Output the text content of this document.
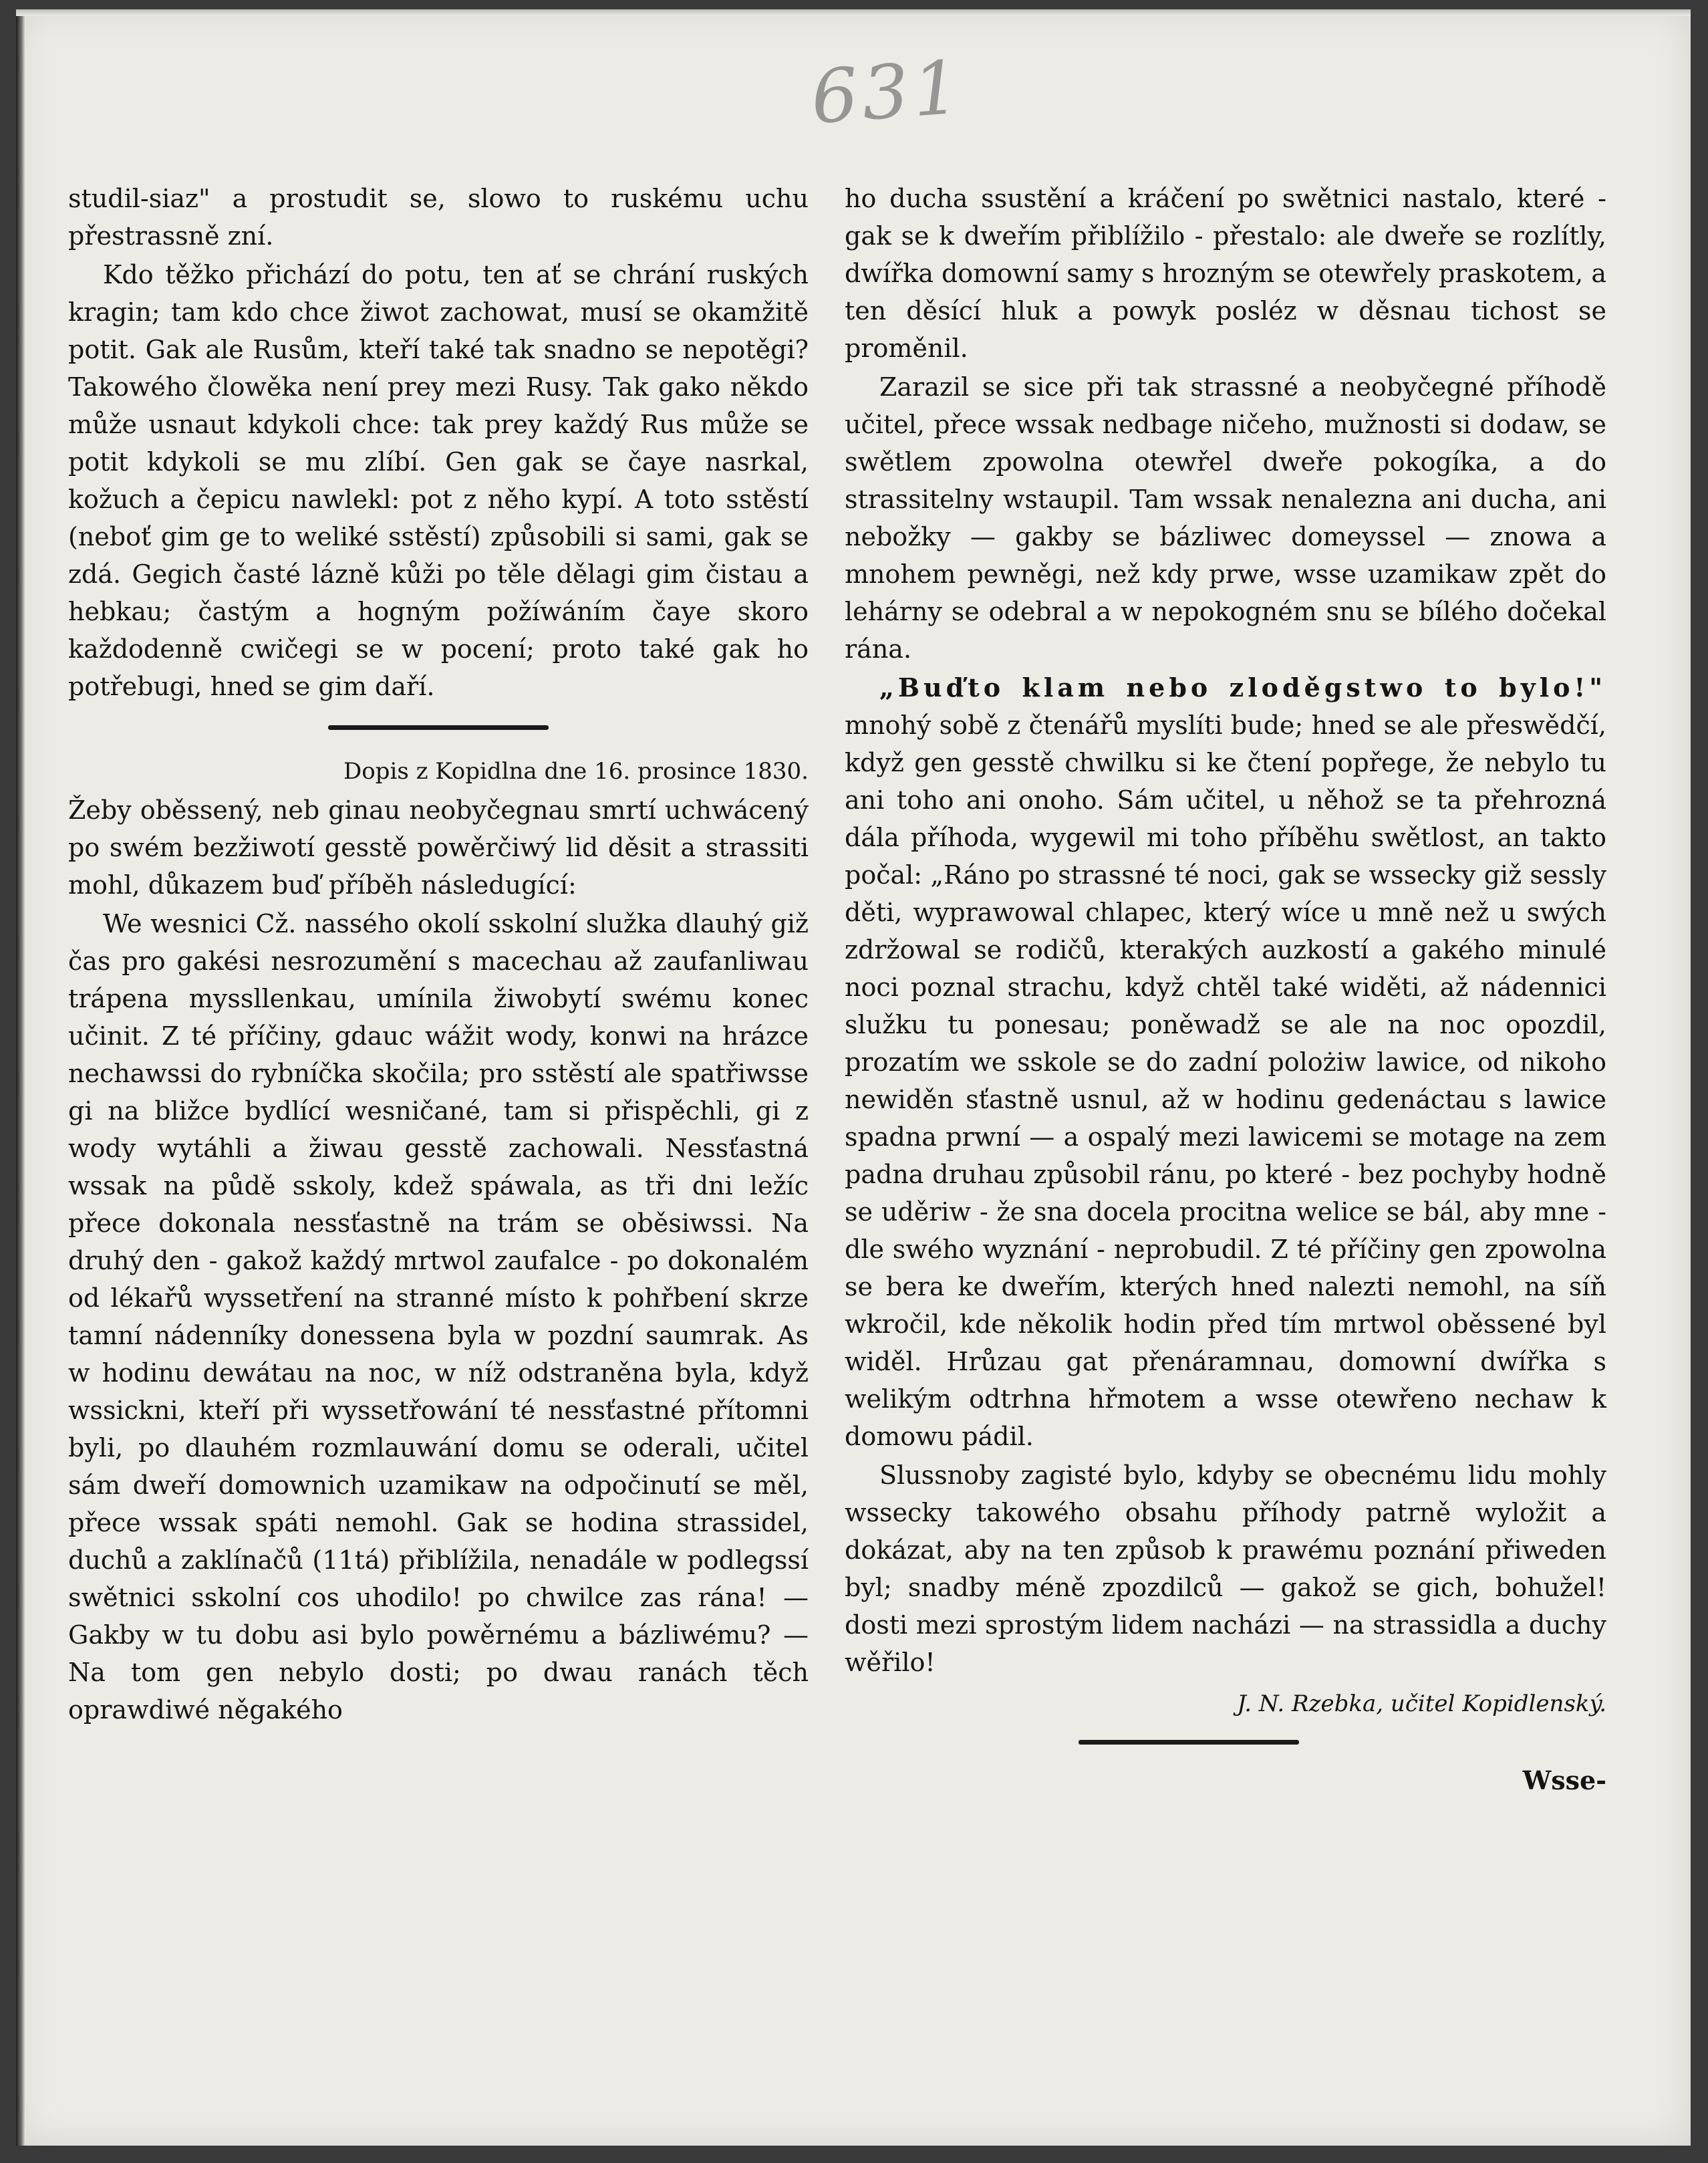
631

studil-siaz" a prostudit se, slowo to ruskému uchu přestrassně zní.

Kdo těžko přichází do potu, ten ať se chrání ruských kragin; tam kdo chce žiwot zachowat, musí se okamžitě potit. Gak ale Rusům, kteří také tak snadno se nepotěgi? Takowého člowěka není prey mezi Rusy. Tak gako někdo může usnaut kdykoli chce: tak prey každý Rus může se potit kdykoli se mu zlíbí. Gen gak se čaye nasrkal, kožuch a čepicu nawlekl: pot z něho kypí. A toto sstěstí (neboť gim ge to weliké sstěstí) způsobili si sami, gak se zdá. Gegich časté lázně kůži po těle dělagi gim čistau a hebkau; častým a hogným požíwáním čaye skoro každodenně cwičegi se w pocení; proto také gak ho potřebugi, hned se gim daří.

Dopis z Kopidlna dne 16. prosince 1830.

Žeby oběssený, neb ginau neobyčegnau smrtí uchwácený po swém bezžiwotí gesstě powěrčiwý lid děsit a strassiti mohl, důkazem buď příběh následugící:

We wesnici Cž. nassého okolí sskolní služka dlauhý giž čas pro gakési nesrozumění s macechau až zaufanliwau trápena myssllenkau, umínila žiwobytí swému konec učinit. Z té příčiny, gdauc wážit wody, konwi na hrázce nechawssi do rybníčka skočila; pro sstěstí ale spatřiwsse gi na bližce bydlící wesničané, tam si přispěchli, gi z wody wytáhli a žiwau gesstě zachowali. Nessťastná wssak na půdě sskoly, kdež spáwala, as tři dni ležíc přece dokonala nessťastně na trám se oběsiwssi. Na druhý den - gakož každý mrtwol zaufalce - po dokonalém od lékařů wyssetření na stranné místo k pohřbení skrze tamní nádenníky donessena byla w pozdní saumrak. As w hodinu dewátau na noc, w níž odstraněna byla, když wssickni, kteří při wyssetřowání té nessťastné přítomni byli, po dlauhém rozmlauwání domu se oderali, učitel sám dweří domownich uzamikaw na odpočinutí se měl, přece wssak spáti nemohl. Gak se hodina strassidel, duchů a zaklínačů (11tá) přiblížila, nenadále w podlegssí swětnici sskolní cos uhodilo! po chwilce zas rána! — Gakby w tu dobu asi bylo powěrnému a bázliwému? — Na tom gen nebylo dosti; po dwau ranách těch oprawdiwé něgakého

ho ducha ssustění a kráčení po swětnici nastalo, které - gak se k dweřím přiblížilo - přestalo: ale dweře se rozlítly, dwířka domowní samy s hrozným se otewřely praskotem, a ten děsící hluk a powyk posléz w děsnau tichost se proměnil.

Zarazil se sice při tak strassné a neobyčegné příhodě učitel, přece wssak nedbage ničeho, mužnosti si dodaw, se swětlem zpowolna otewřel dweře pokogíka, a do strassitelny wstaupil. Tam wssak nenalezna ani ducha, ani nebožky — gakby se bázliwec domeyssel — znowa a mnohem pewněgi, než kdy prwe, wsse uzamikaw zpět do lehárny se odebral a w nepokogném snu se bílého dočekal rána.

„Buďto klam nebo zloděgstwo to bylo!" mnohý sobě z čtenářů myslíti bude; hned se ale přeswědčí, když gen gesstě chwilku si ke čtení popřege, že nebylo tu ani toho ani onoho. Sám učitel, u něhož se ta přehrozná dála příhoda, wygewil mi toho příběhu swětlost, an takto počal: „Ráno po strassné té noci, gak se wssecky giž sessly děti, wyprawowal chlapec, který wíce u mně než u swých zdržowal se rodičů, kterakých auzkostí a gakého minulé noci poznal strachu, když chtěl také widěti, až nádennici služku tu ponesau; poněwadž se ale na noc opozdil, prozatím we sskole se do zadní polożiw lawice, od nikoho newiděn sťastně usnul, až w hodinu gedenáctau s lawice spadna prwní — a ospalý mezi lawicemi se motage na zem padna druhau způsobil ránu, po které - bez pochyby hodně se uděriw - že sna docela procitna welice se bál, aby mne - dle swého wyznání - neprobudil. Z té příčiny gen zpowolna se bera ke dweřím, kterých hned nalezti nemohl, na síň wkročil, kde několik hodin před tím mrtwol oběssené byl widěl. Hrůzau gat přenáramnau, domowní dwířka s welikým odtrhna hřmotem a wsse otewřeno nechaw k domowu pádil.

Slussnoby zagisté bylo, kdyby se obecnému lidu mohly wssecky takowého obsahu příhody patrně wyložit a dokázat, aby na ten způsob k prawému poznání přiweden byl; snadby méně zpozdilců — gakož se gich, bohužel! dosti mezi sprostým lidem nacházi — na strassidla a duchy wěřilo!

J. N. Rzebka, učitel Kopidlenský.
Wsse-
